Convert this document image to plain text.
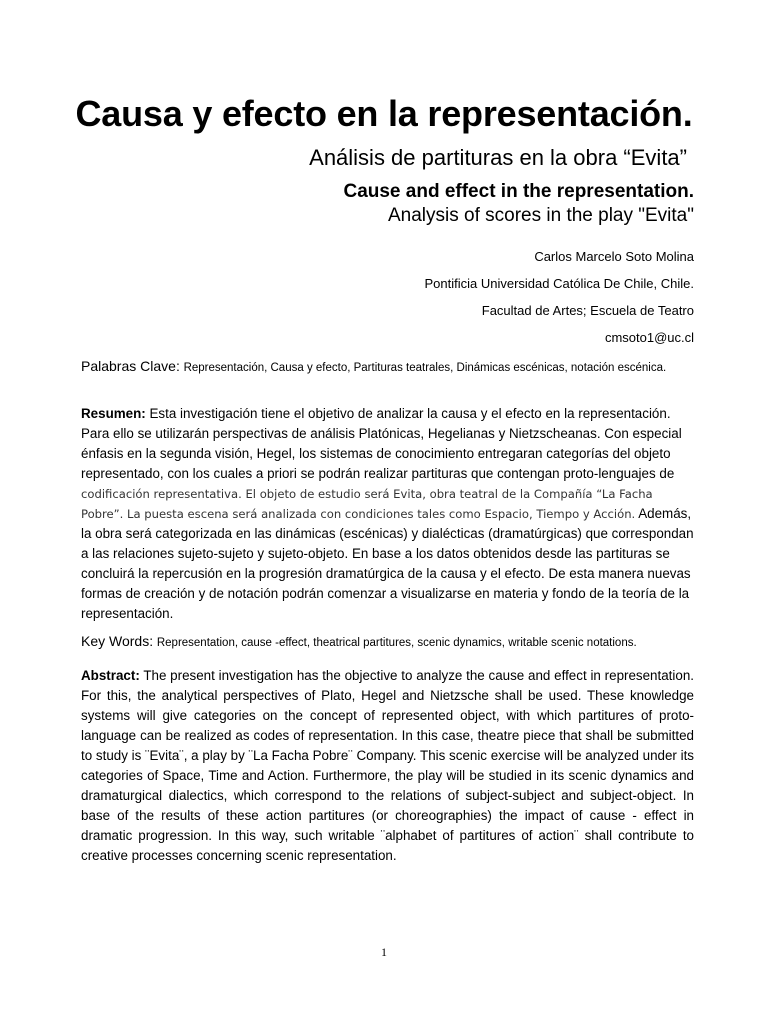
Causa y efecto en la representación.
Análisis de partituras en la obra “Evita”
Cause and effect in the representation.
Analysis of scores in the play "Evita"
Carlos Marcelo Soto Molina
Pontificia Universidad Católica De Chile, Chile.
Facultad de Artes; Escuela de Teatro
cmsoto1@uc.cl
Palabras Clave: Representación, Causa y efecto, Partituras teatrales, Dinámicas escénicas, notación escénica.
Resumen: Esta investigación tiene el objetivo de analizar la causa y el efecto en la representación. Para ello se utilizarán perspectivas de análisis Platónicas, Hegelianas y Nietzscheanas. Con especial énfasis en la segunda visión, Hegel, los sistemas de conocimiento entregaran categorías del objeto representado, con los cuales a priori se podrán realizar partituras que contengan proto-lenguajes de codificación representativa. El objeto de estudio será Evita, obra teatral de la Compañía “La Facha Pobre”. La puesta escena será analizada con condiciones tales como Espacio, Tiempo y Acción. Además, la obra será categorizada en las dinámicas (escénicas) y dialécticas (dramatúrgicas) que correspondan a las relaciones sujeto-sujeto y sujeto-objeto. En base a los datos obtenidos desde las partituras se concluirá la repercusión en la progresión dramatúrgica de la causa y el efecto. De esta manera nuevas formas de creación y de notación podrán comenzar a visualizarse en materia y fondo de la teoría de la representación.
Key Words: Representation, cause -effect, theatrical partitures, scenic dynamics, writable scenic notations.
Abstract: The present investigation has the objective to analyze the cause and effect in representation. For this, the analytical perspectives of Plato, Hegel and Nietzsche shall be used. These knowledge systems will give categories on the concept of represented object, with which partitures of proto-language can be realized as codes of representation. In this case, theatre piece that shall be submitted to study is ¨Evita¨, a play by ¨La Facha Pobre¨ Company. This scenic exercise will be analyzed under its categories of Space, Time and Action. Furthermore, the play will be studied in its scenic dynamics and dramaturgical dialectics, which correspond to the relations of subject-subject and subject-object. In base of the results of these action partitures (or choreographies) the impact of cause - effect in dramatic progression. In this way, such writable ¨alphabet of partitures of action¨ shall contribute to creative processes concerning scenic representation.
1
